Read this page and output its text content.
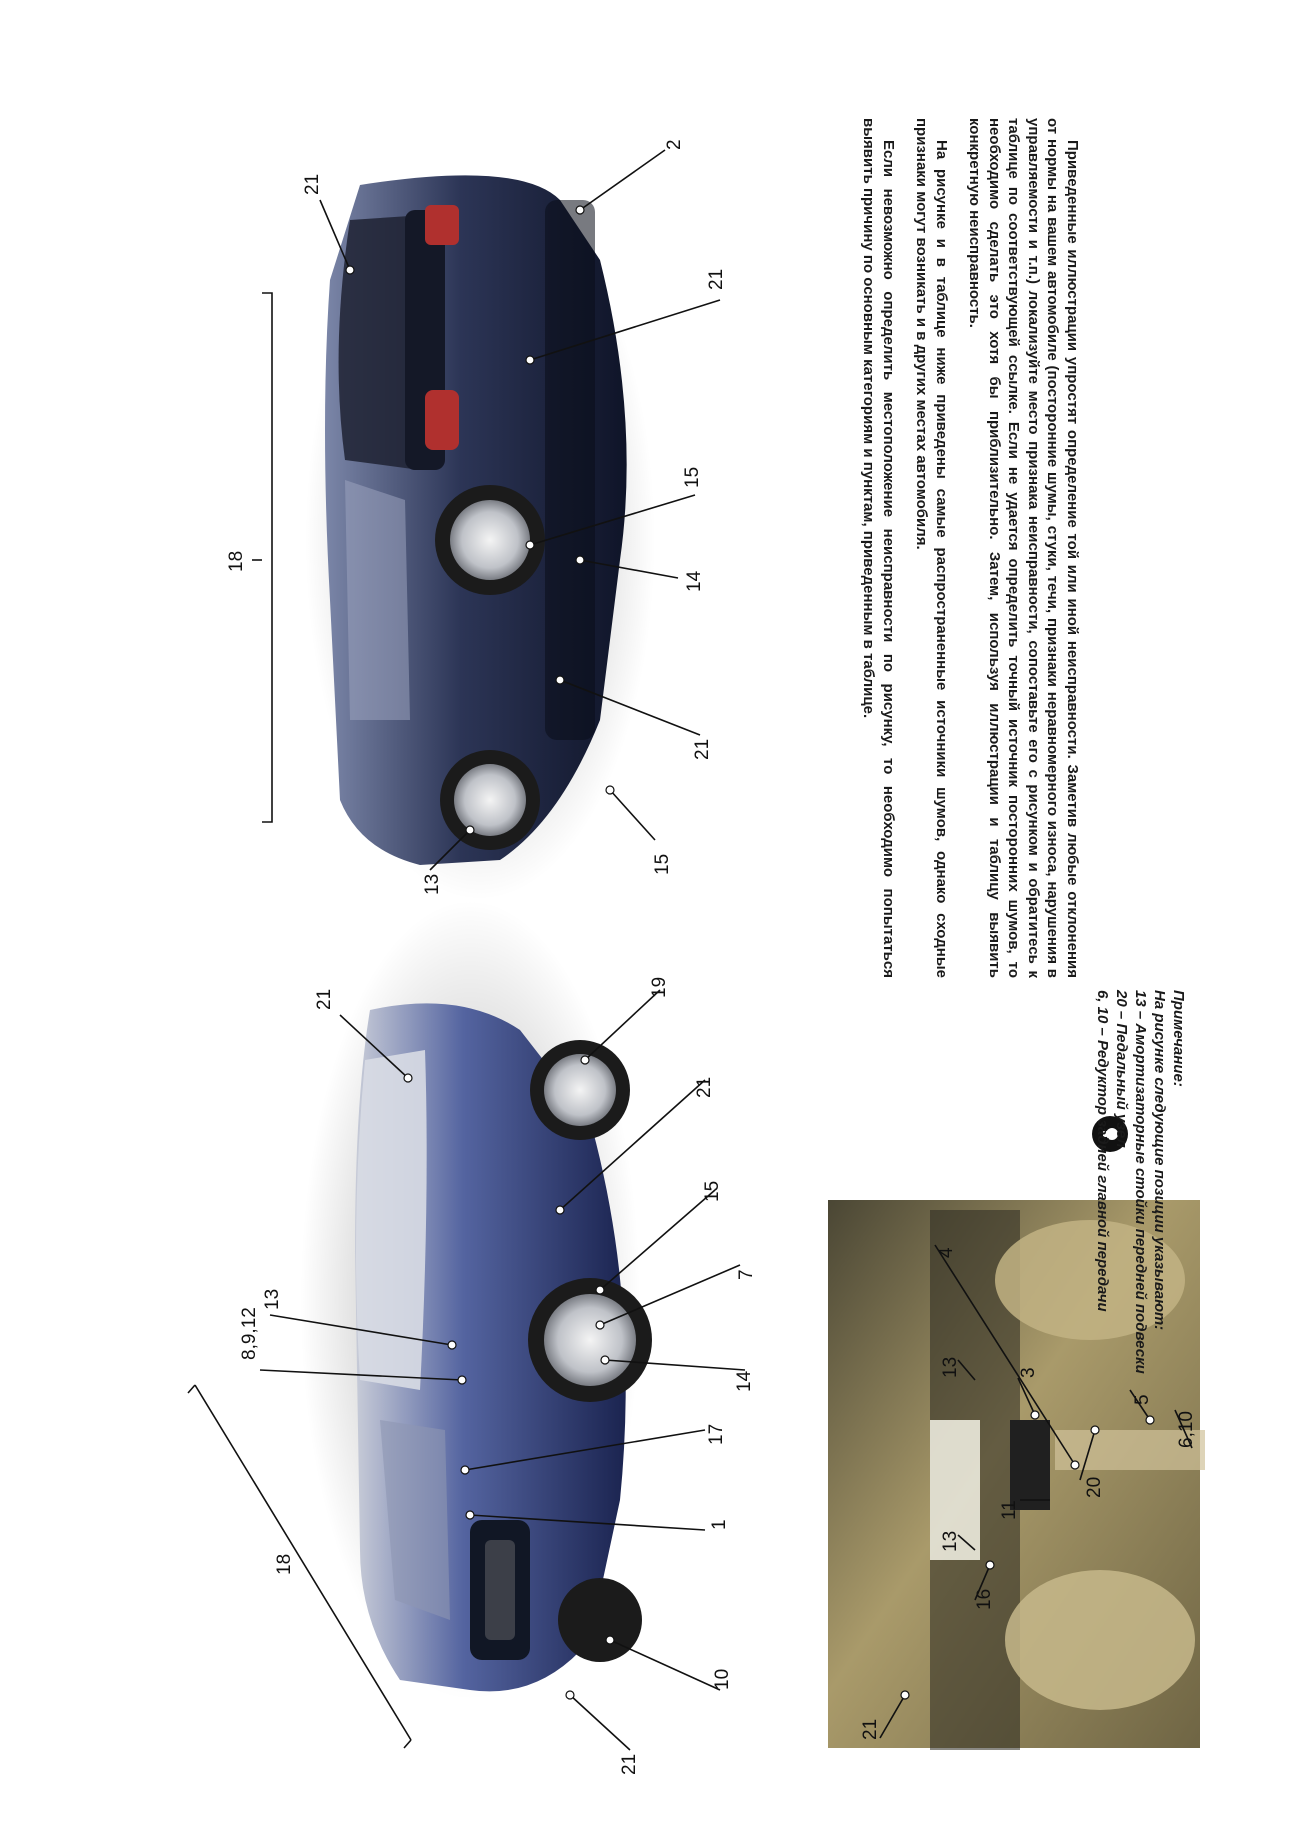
21
2
18
21
15
14
21
15
13
21
18
8,9,12
13
17
1
10
21
7
15
21
19
14
4
13	3
5
6,10
20
11
13
16
21

Приведенные иллюстрации упростят определение той или иной неисправности. Заметив любые отклонения от нормы на вашем автомобиле (посторонние шумы, стуки, течи, признаки неравномерного износа, нарушения в управляемости и т.п.) локализуйте место признака неисправности, сопоставьте его с рисунком и обратитесь к таблице по соответствующей ссылке. Если не удается определить точный источник посторонних шумов, то необходимо сделать это хотя бы приблизительно. Затем, используя иллюстрации и таблицу выявить конкретную неисправность.

На рисунке и в таблице ниже приведены самые распространенные источники шумов, однако сходные признаки могут возникать и в других местах автомобиля.

Если невозможно определить местоположение неисправности по рисунку, то необходимо попытаться выявить причину по основным категориям и пунктам, приведенным в таблице.

Примечание:
На рисунке следующие позиции указывают:
13 – Амортизаторные стойки передней подвески
20 – Педальный узел
6, 10 – Редуктор задней главной передачи
